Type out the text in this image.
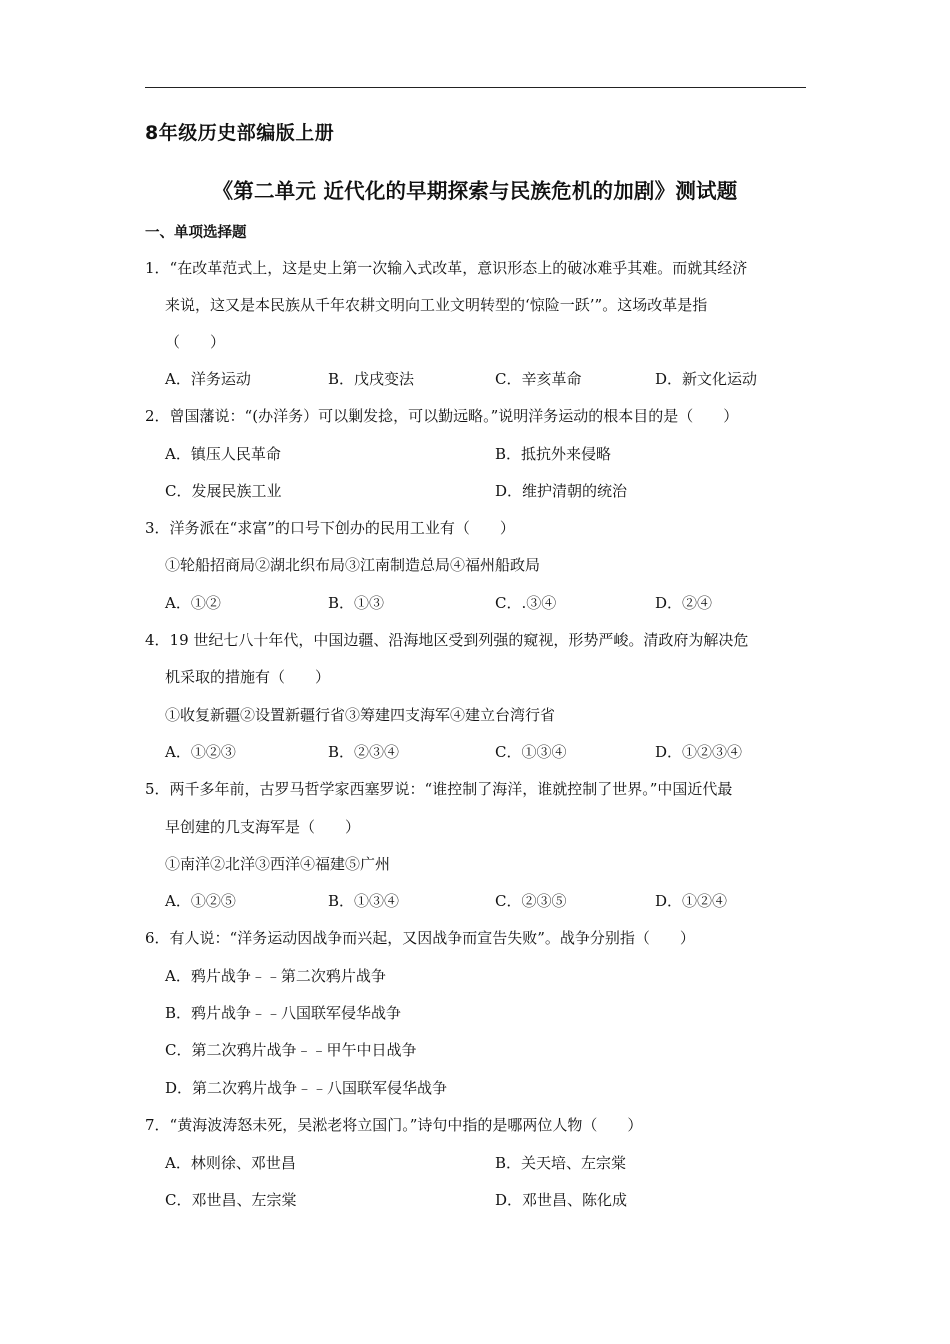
8年级历史部编版上册
《第二单元 近代化的早期探索与民族危机的加剧》测试题
一、单项选择题
1．“在改革范式上，这是史上第一次输入式改革，意识形态上的破冰难乎其难。而就其经济
来说，这又是本民族从千年农耕文明向工业文明转型的‘惊险一跃’”。这场改革是指
（　　）
A．洋务运动	B．戊戌变法	C．辛亥革命	D．新文化运动
2．曾国藩说：“(办洋务）可以剿发捻，可以勤远略。”说明洋务运动的根本目的是（　　）
A．镇压人民革命	B．抵抗外来侵略
C．发展民族工业	D．维护清朝的统治
3．洋务派在“求富”的口号下创办的民用工业有（　　）
①轮船招商局②湖北织布局③江南制造总局④福州船政局
A．①②	B．①③	C．.③④	D．②④
4．19 世纪七八十年代，中国边疆、沿海地区受到列强的窥视，形势严峻。清政府为解决危
机采取的措施有（　　）
①收复新疆②设置新疆行省③筹建四支海军④建立台湾行省
A．①②③	B．②③④	C．①③④	D．①②③④
5．两千多年前，古罗马哲学家西塞罗说：“谁控制了海洋，谁就控制了世界。”中国近代最
早创建的几支海军是（　　）
①南洋②北洋③西洋④福建⑤广州
A．①②⑤	B．①③④	C．②③⑤	D．①②④
6．有人说：“洋务运动因战争而兴起，又因战争而宣告失败”。战争分别指（　　）
A．鸦片战争﹣﹣第二次鸦片战争
B．鸦片战争﹣﹣八国联军侵华战争
C．第二次鸦片战争﹣﹣甲午中日战争
D．第二次鸦片战争﹣﹣八国联军侵华战争
7．“黄海波涛怒未死，吴淞老将立国门。”诗句中指的是哪两位人物（　　）
A．林则徐、邓世昌	B．关天培、左宗棠
C．邓世昌、左宗棠	D．邓世昌、陈化成
